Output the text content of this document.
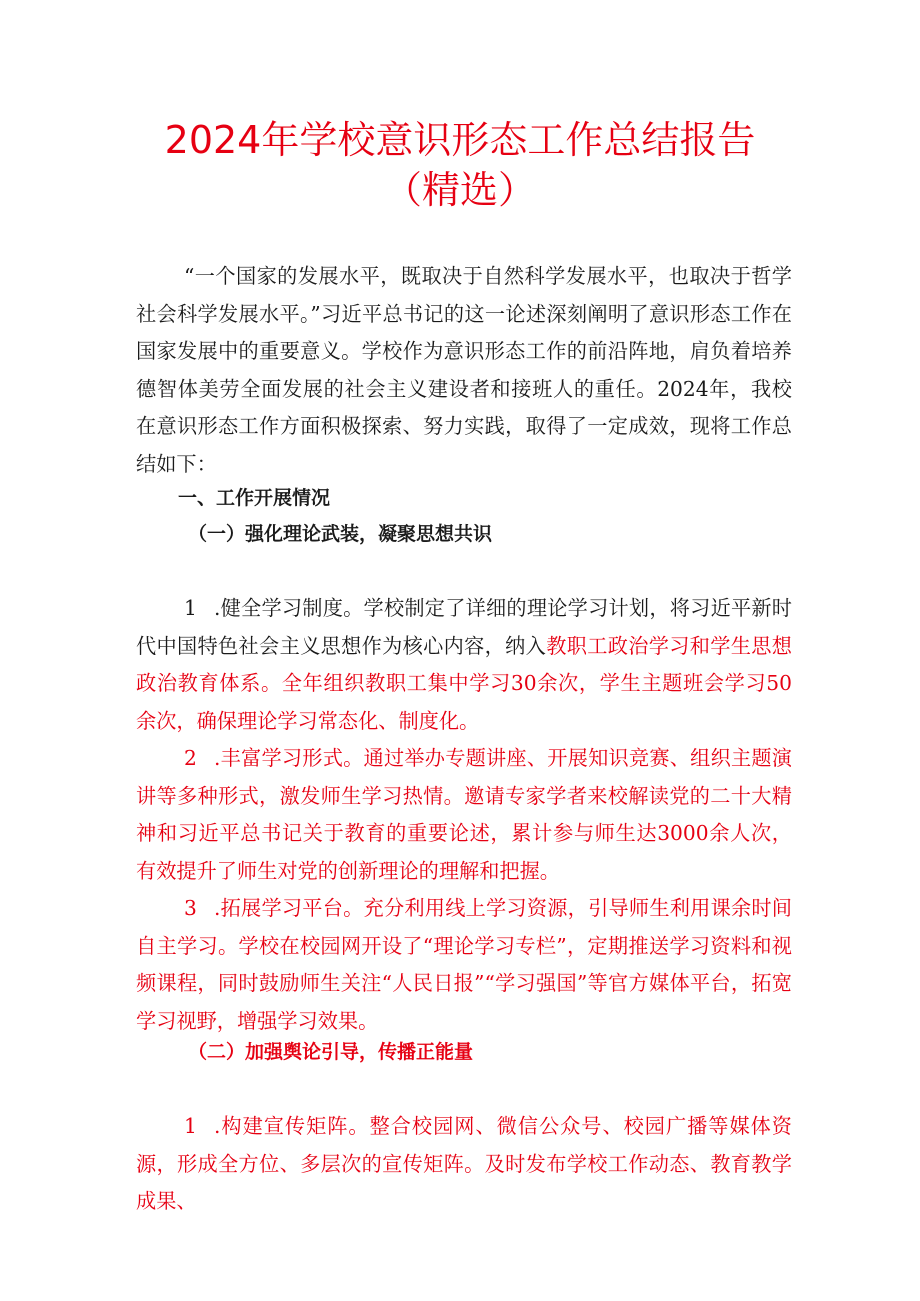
2024年学校意识形态工作总结报告
（精选）

“一个国家的发展水平，既取决于自然科学发展水平，也取决于哲学社会科学发展水平。”习近平总书记的这一论述深刻阐明了意识形态工作在国家发展中的重要意义。学校作为意识形态工作的前沿阵地，肩负着培养德智体美劳全面发展的社会主义建设者和接班人的重任。2024年，我校在意识形态工作方面积极探索、努力实践，取得了一定成效，现将工作总结如下：

一、工作开展情况

（一）强化理论武装，凝聚思想共识

1 .健全学习制度。学校制定了详细的理论学习计划，将习近平新时代中国特色社会主义思想作为核心内容，纳入教职工政治学习和学生思想政治教育体系。全年组织教职工集中学习30余次，学生主题班会学习50余次，确保理论学习常态化、制度化。

2 .丰富学习形式。通过举办专题讲座、开展知识竞赛、组织主题演讲等多种形式，激发师生学习热情。邀请专家学者来校解读党的二十大精神和习近平总书记关于教育的重要论述，累计参与师生达3000余人次，有效提升了师生对党的创新理论的理解和把握。

3 .拓展学习平台。充分利用线上学习资源，引导师生利用课余时间自主学习。学校在校园网开设了“理论学习专栏”，定期推送学习资料和视频课程，同时鼓励师生关注“人民日报”“学习强国”等官方媒体平台，拓宽学习视野，增强学习效果。

（二）加强舆论引导，传播正能量

1 .构建宣传矩阵。整合校园网、微信公众号、校园广播等媒体资源，形成全方位、多层次的宣传矩阵。及时发布学校工作动态、教育教学成果、
